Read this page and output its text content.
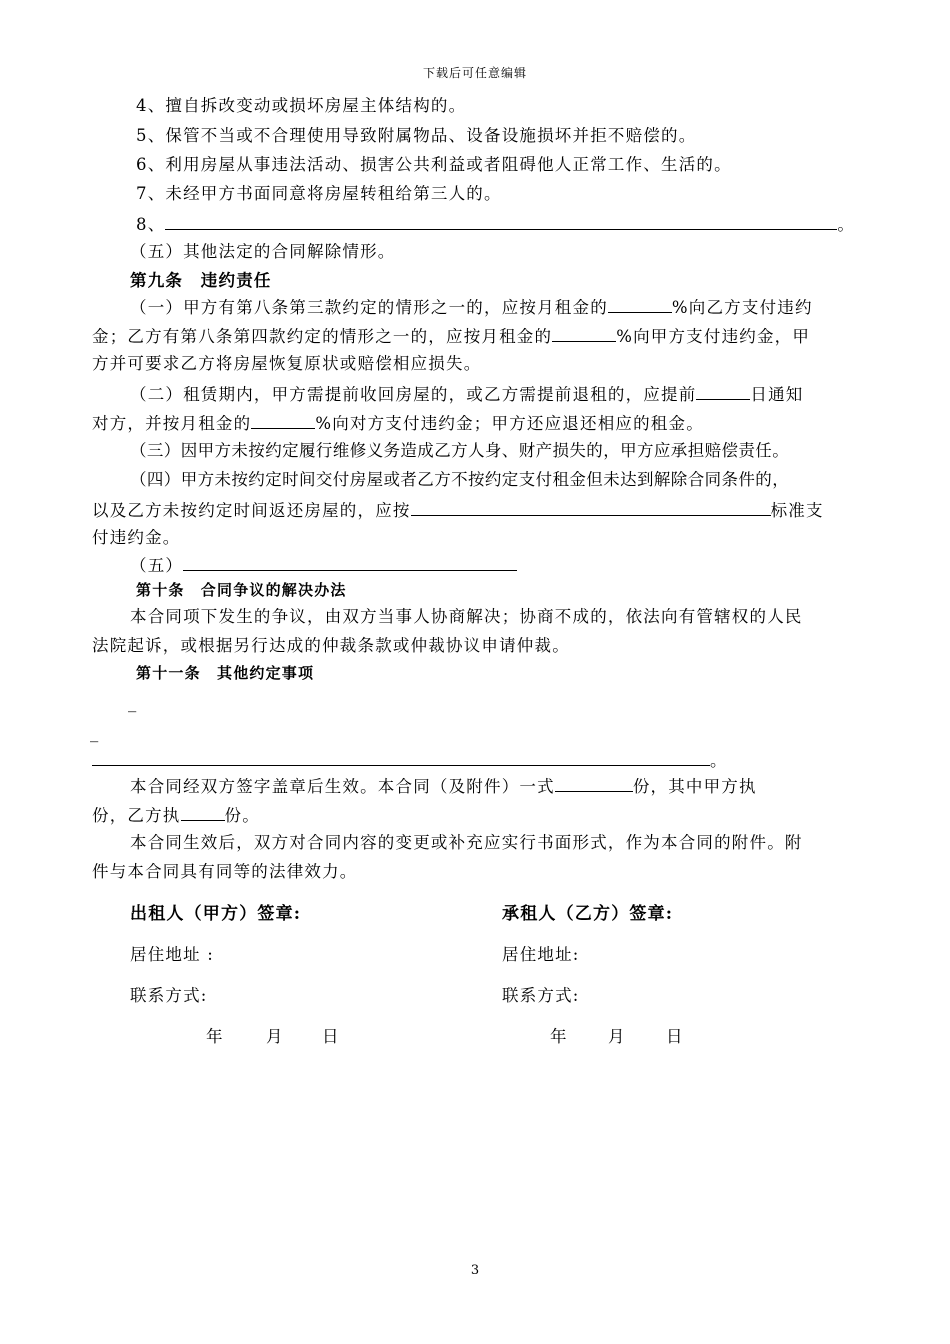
下载后可任意编辑
4、擅自拆改变动或损坏房屋主体结构的。
5、保管不当或不合理使用导致附属物品、设备设施损坏并拒不赔偿的。
6、利用房屋从事违法活动、损害公共利益或者阻碍他人正常工作、生活的。
7、未经甲方书面同意将房屋转租给第三人的。
8、	。
（五）其他法定的合同解除情形。
第九条　违约责任
（一）甲方有第八条第三款约定的情形之一的，应按月租金的	%向乙方支付违约
金；乙方有第八条第四款约定的情形之一的，应按月租金的	%向甲方支付违约金，甲
方并可要求乙方将房屋恢复原状或赔偿相应损失。
（二）租赁期内，甲方需提前收回房屋的，或乙方需提前退租的，应提前	日通知
对方，并按月租金的	%向对方支付违约金；甲方还应退还相应的租金。
（三）因甲方未按约定履行维修义务造成乙方人身、财产损失的，甲方应承担赔偿责任。
（四）甲方未按约定时间交付房屋或者乙方不按约定支付租金但未达到解除合同条件的，
以及乙方未按约定时间返还房屋的，应按	标准支
付违约金。
（五）
第十条　合同争议的解决办法
本合同项下发生的争议，由双方当事人协商解决；协商不成的，依法向有管辖权的人民
法院起诉，或根据另行达成的仲裁条款或仲裁协议申请仲裁。
第十一条　其他约定事项
_
_
。
本合同经双方签字盖章后生效。本合同（及附件）一式	份，其中甲方执
份，乙方执	份。
本合同生效后，双方对合同内容的变更或补充应实行书面形式，作为本合同的附件。附
件与本合同具有同等的法律效力。
出租人（甲方）签章:	承租人（乙方）签章:
居住地址 :	居住地址:
联系方式:	联系方式:
年	月 日	年 月 日
3
